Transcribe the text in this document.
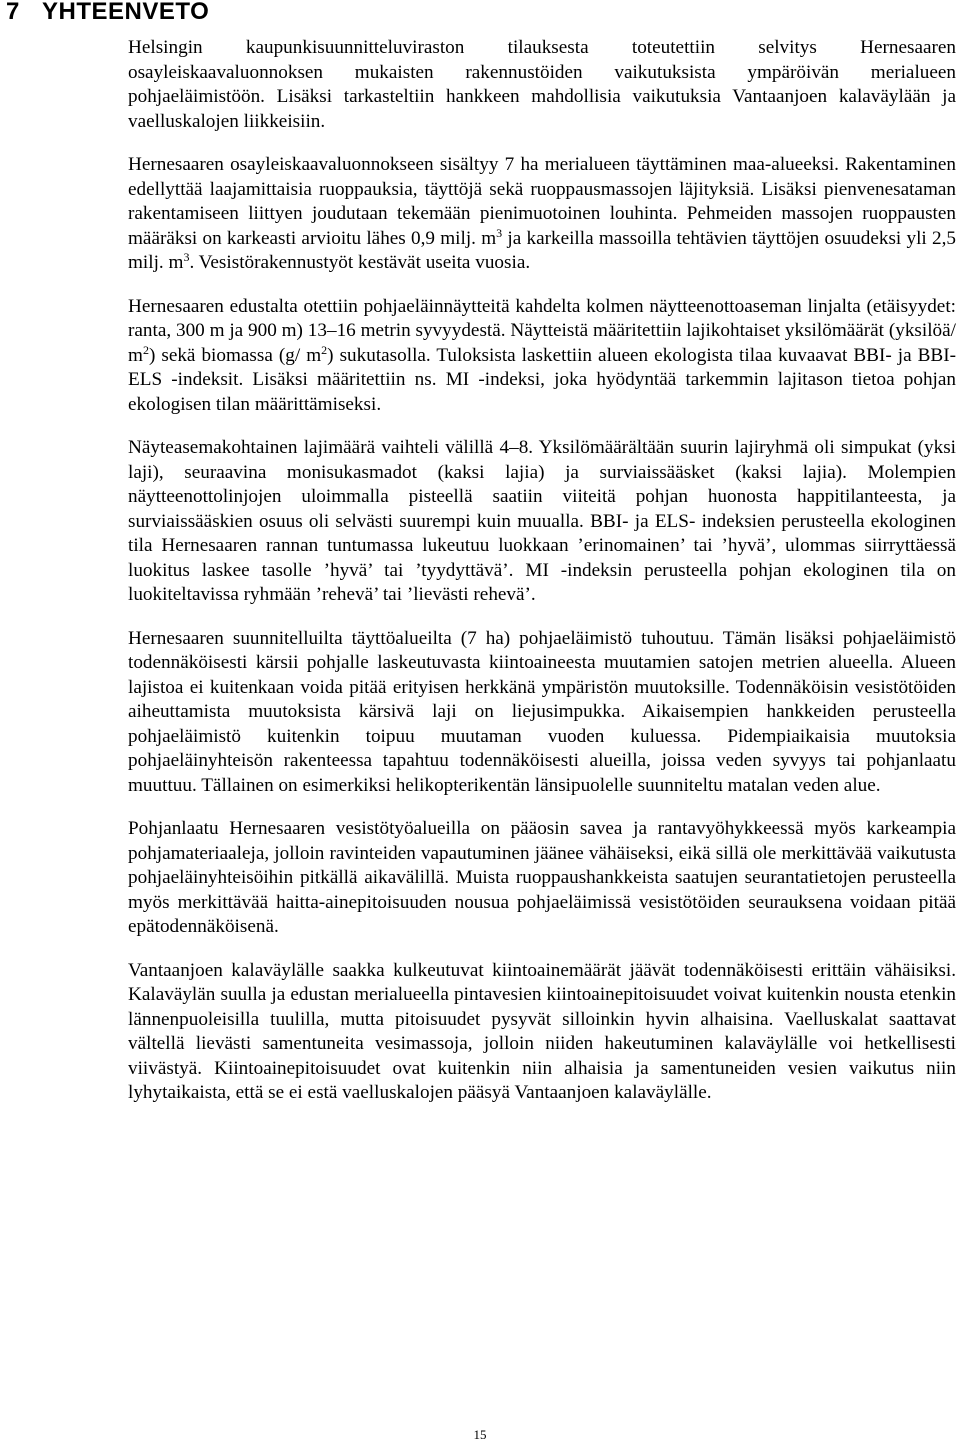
7 YHTEENVETO

Helsingin kaupunkisuunnitteluviraston tilauksesta toteutettiin selvitys Hernesaaren osayleiskaavaluonnoksen mukaisten rakennustöiden vaikutuksista ympäröivän merialueen pohjaeläimistöön. Lisäksi tarkasteltiin hankkeen mahdollisia vaikutuksia Vantaanjoen kalaväylään ja vaelluskalojen liikkeisiin.

Hernesaaren osayleiskaavaluonnokseen sisältyy 7 ha merialueen täyttäminen maa-alueeksi. Rakentaminen edellyttää laajamittaisia ruoppauksia, täyttöjä sekä ruoppausmassojen läjityksiä. Lisäksi pienvenesataman rakentamiseen liittyen joudutaan tekemään pienimuotoinen louhinta. Pehmeiden massojen ruoppausten määräksi on karkeasti arvioitu lähes 0,9 milj. $m^3$ ja karkeilla massoilla tehtävien täyttöjen osuudeksi yli 2,5 milj. $m^3$. Vesistörakennustyöt kestävät useita vuosia.

Hernesaaren edustalta otettiin pohjaeläinnäytteitä kahdelta kolmen näytteenottoaseman linjalta (etäisyydet: ranta, 300 m ja 900 m) 13–16 metrin syvyydestä. Näytteistä määritettiin lajikohtaiset yksilömäärät (yksilöä/ $m^2$) sekä biomassa (g/ $m^2$) sukutasolla. Tuloksista laskettiin alueen ekologista tilaa kuvaavat BBI- ja BBI-ELS -indeksit. Lisäksi määritettiin ns. MI -indeksi, joka hyödyntää tarkemmin lajitason tietoa pohjan ekologisen tilan määrittämiseksi.

Näyteasemakohtainen lajimäärä vaihteli välillä 4–8. Yksilömäärältään suurin lajiryhmä oli simpukat (yksi laji), seuraavina monisukasmadot (kaksi lajia) ja surviaissääsket (kaksi lajia). Molempien näytteenottolinjojen uloimmalla pisteellä saatiin viiteitä pohjan huonosta happitilanteesta, ja surviaissääskien osuus oli selvästi suurempi kuin muualla. BBI- ja ELS- indeksien perusteella ekologinen tila Hernesaaren rannan tuntumassa lukeutuu luokkaan ’erinomainen’ tai ’hyvä’, ulommas siirryttäessä luokitus laskee tasolle ’hyvä’ tai ’tyydyttävä’. MI -indeksin perusteella pohjan ekologinen tila on luokiteltavissa ryhmään ’rehevä’ tai ’lievästi rehevä’.

Hernesaaren suunnitelluilta täyttöalueilta (7 ha) pohjaeläimistö tuhoutuu. Tämän lisäksi pohjaeläimistö todennäköisesti kärsii pohjalle laskeutuvasta kiintoaineesta muutamien satojen metrien alueella. Alueen lajistoa ei kuitenkaan voida pitää erityisen herkkänä ympäristön muutoksille. Todennäköisin vesistötöiden aiheuttamista muutoksista kärsivä laji on liejusimpukka. Aikaisempien hankkeiden perusteella pohjaeläimistö kuitenkin toipuu muutaman vuoden kuluessa. Pidempiaikaisia muutoksia pohjaeläinyhteisön rakenteessa tapahtuu todennäköisesti alueilla, joissa veden syvyys tai pohjanlaatu muuttuu. Tällainen on esimerkiksi helikopterikentän länsipuolelle suunniteltu matalan veden alue.

Pohjanlaatu Hernesaaren vesistötyöalueilla on pääosin savea ja rantavyöhykkeessä myös karkeampia pohjamateriaaleja, jolloin ravinteiden vapautuminen jäänee vähäiseksi, eikä sillä ole merkittävää vaikutusta pohjaeläinyhteisöihin pitkällä aikavälillä. Muista ruoppaushankkeista saatujen seurantatietojen perusteella myös merkittävää haitta-ainepitoisuuden nousua pohjaeläimissä vesistötöiden seurauksena voidaan pitää epätodennäköisenä.

Vantaanjoen kalaväylälle saakka kulkeutuvat kiintoainemäärät jäävät todennäköisesti erittäin vähäisiksi. Kalaväylän suulla ja edustan merialueella pintavesien kiintoainepitoisuudet voivat kuitenkin nousta etenkin lännenpuoleisilla tuulilla, mutta pitoisuudet pysyvät silloinkin hyvin alhaisina. Vaelluskalat saattavat vältellä lievästi samentuneita vesimassoja, jolloin niiden hakeutuminen kalaväylälle voi hetkellisesti viivästyä. Kiintoainepitoisuudet ovat kuitenkin niin alhaisia ja samentuneiden vesien vaikutus niin lyhytaikaista, että se ei estä vaelluskalojen pääsyä Vantaanjoen kalaväylälle.

15
